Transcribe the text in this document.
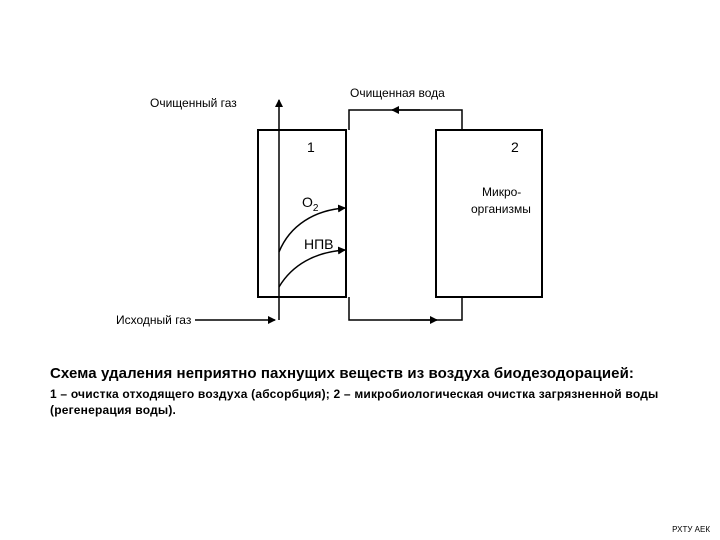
Очищенный газ
Очищенная вода
Исходный газ
1	2
$O_2$
НПВ
Микро-
организмы
Схема удаления неприятно пахнущих веществ из воздуха биодезодорацией:
1 – очистка отходящего воздуха (абсорбция); 2 – микробиологическая очистка загрязненной воды (регенерация воды).
РХТУ АЕК
